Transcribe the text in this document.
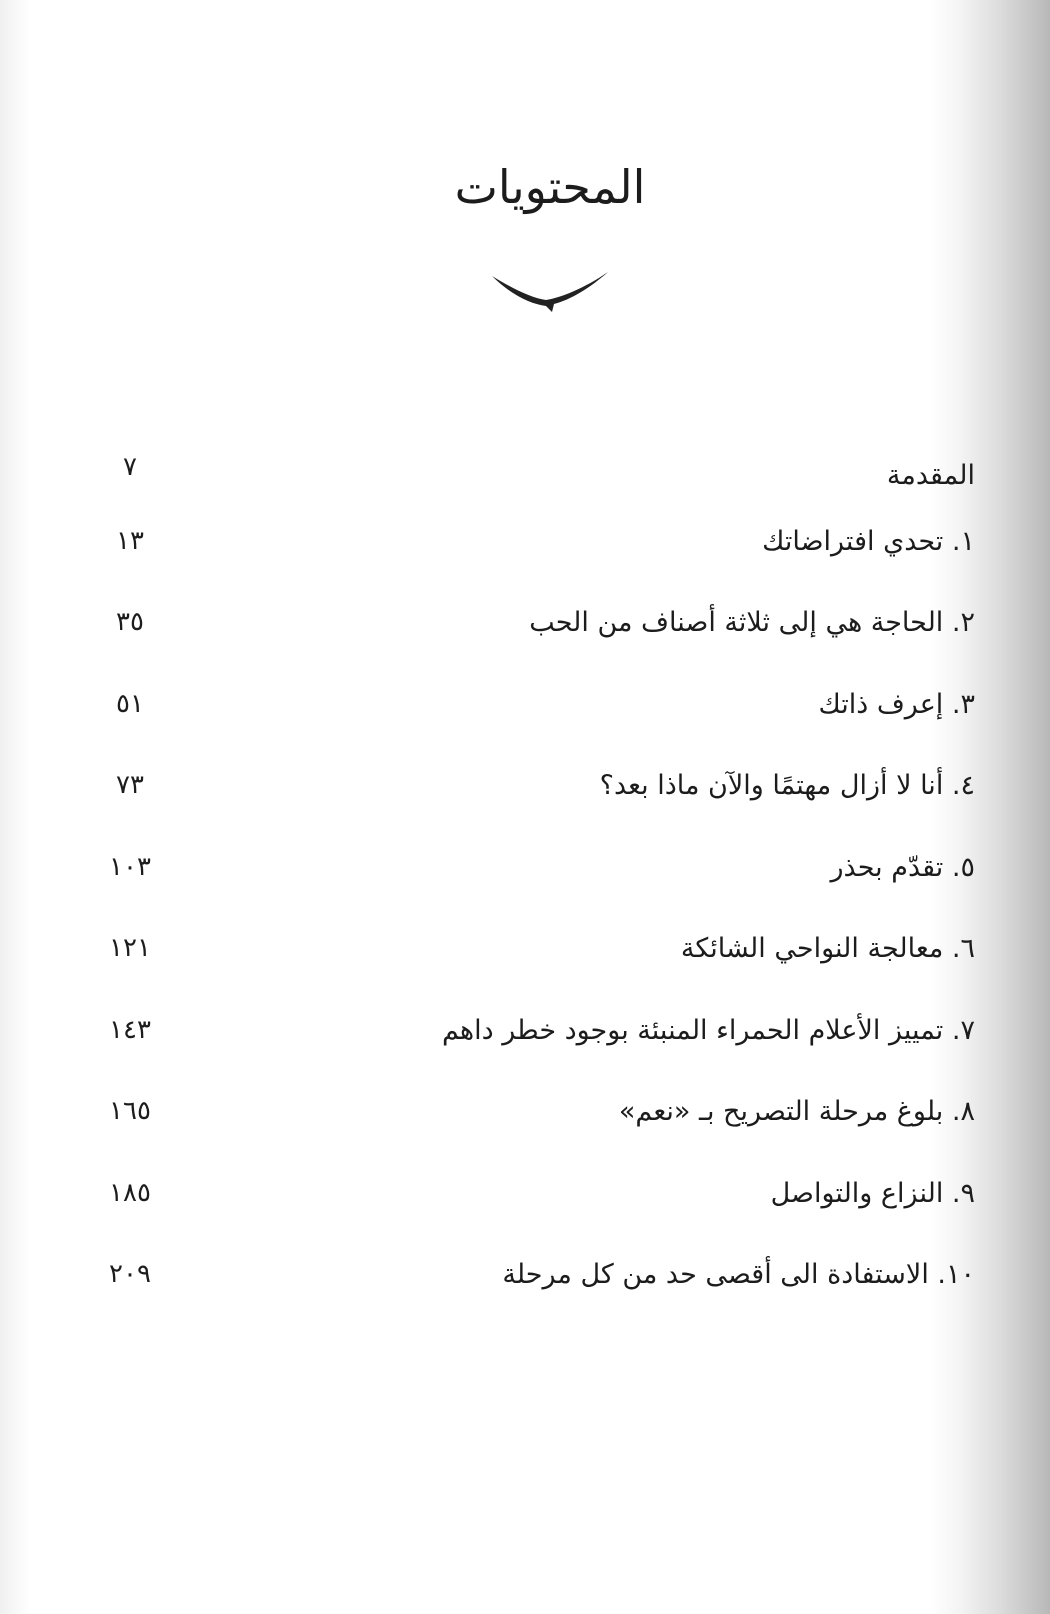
المحتويات
المقدمة
٧
١. تحدي افتراضاتك
١٣
٢. الحاجة هي إلى ثلاثة أصناف من الحب
٣٥
٣. إعرف ذاتك
٥١
٤. أنا لا أزال مهتمًا والآن ماذا بعد؟
٧٣
٥. تقدّم بحذر
١٠٣
٦. معالجة النواحي الشائكة
١٢١
٧. تمييز الأعلام الحمراء المنبئة بوجود خطر داهم
١٤٣
٨. بلوغ مرحلة التصريح بـ «نعم»
١٦٥
٩. النزاع والتواصل
١٨٥
١٠. الاستفادة الى أقصى حد من كل مرحلة
٢٠٩
